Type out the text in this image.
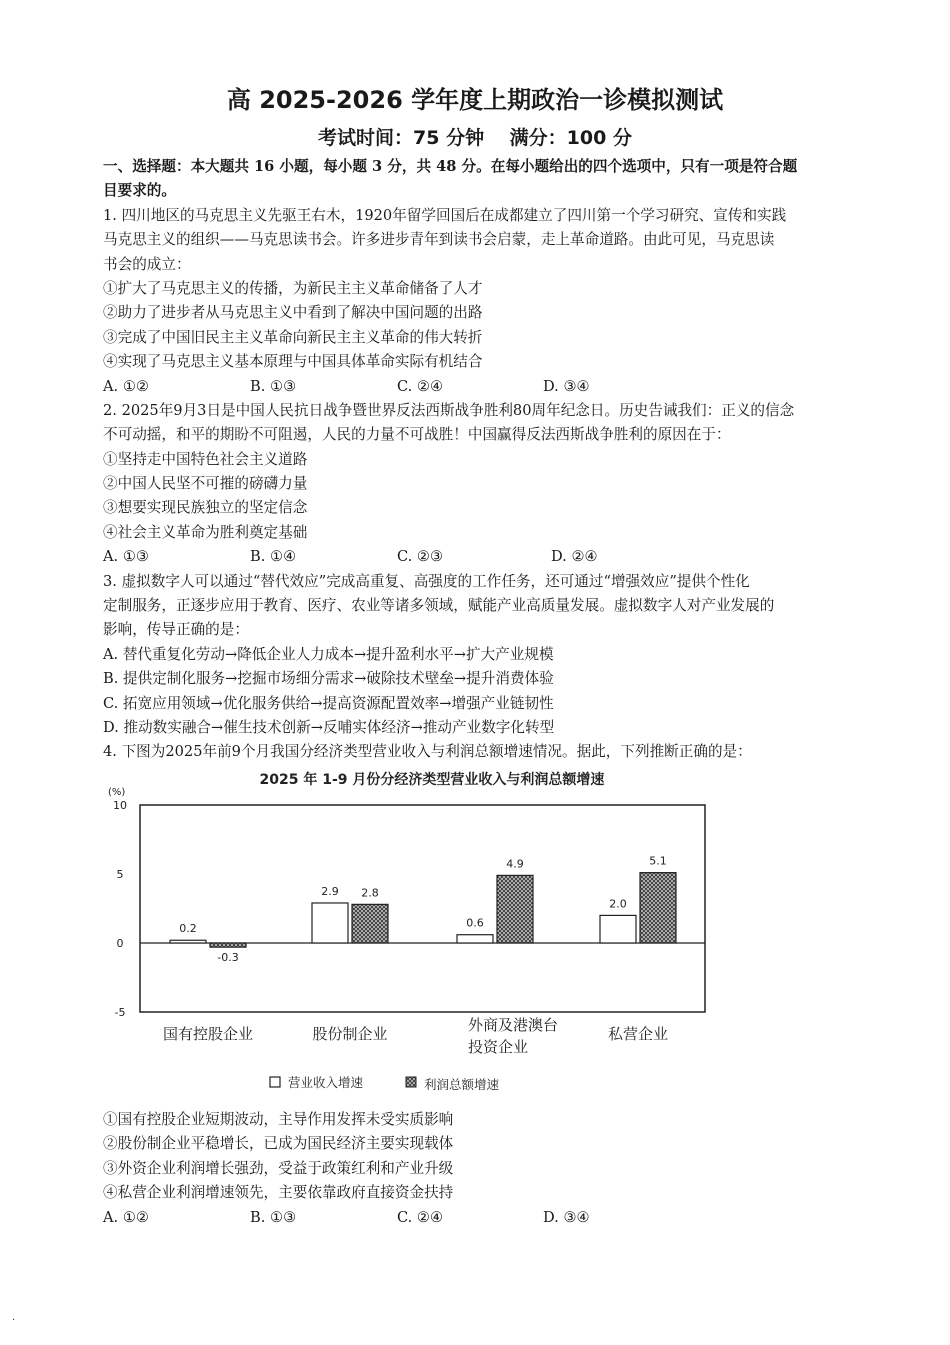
高 2025-2026 学年度上期政治一诊模拟测试
考试时间：75 分钟　 满分：100 分
一、选择题：本大题共 16 小题，每小题 3 分，共 48 分。在每小题给出的四个选项中，只有一项是符合题
目要求的。
1. 四川地区的马克思主义先驱王右木，1920年留学回国后在成都建立了四川第一个学习研究、宣传和实践
马克思主义的组织——马克思读书会。许多进步青年到读书会启蒙，走上革命道路。由此可见，马克思读
书会的成立：
①扩大了马克思主义的传播，为新民主主义革命储备了人才
②助力了进步者从马克思主义中看到了解决中国问题的出路
③完成了中国旧民主主义革命向新民主主义革命的伟大转折
④实现了马克思主义基本原理与中国具体革命实际有机结合
A. ①②	B. ①③	C. ②④	D. ③④
2. 2025年9月3日是中国人民抗日战争暨世界反法西斯战争胜利80周年纪念日。历史告诫我们：正义的信念
不可动摇，和平的期盼不可阻遏，人民的力量不可战胜！中国赢得反法西斯战争胜利的原因在于：
①坚持走中国特色社会主义道路
②中国人民坚不可摧的磅礴力量
③想要实现民族独立的坚定信念
④社会主义革命为胜利奠定基础
A. ①③	B. ①④	C. ②③	D. ②④
3. 虚拟数字人可以通过“替代效应”完成高重复、高强度的工作任务，还可通过“增强效应”提供个性化
定制服务，正逐步应用于教育、医疗、农业等诸多领域，赋能产业高质量发展。虚拟数字人对产业发展的
影响，传导正确的是：
A. 替代重复化劳动→降低企业人力成本→提升盈利水平→扩大产业规模
B. 提供定制化服务→挖掘市场细分需求→破除技术壁垒→提升消费体验
C. 拓宽应用领域→优化服务供给→提高资源配置效率→增强产业链韧性
D. 推动数实融合→催生技术创新→反哺实体经济→推动产业数字化转型
4. 下图为2025年前9个月我国分经济类型营业收入与利润总额增速情况。据此，下列推断正确的是：
2025 年 1-9 月份分经济类型营业收入与利润总额增速
(%)
10
5
0
-5
0.2
2.9
0.6
2.0
-0.3
2.8
4.9	5.1
国有控股企业	股份制企业	外商及港澳台
投资企业
私营企业
营业收入增速	利润总额增速
①国有控股企业短期波动，主导作用发挥未受实质影响
②股份制企业平稳增长，已成为国民经济主要实现载体
③外资企业利润增长强劲，受益于政策红利和产业升级
④私营企业利润增速领先，主要依靠政府直接资金扶持
A. ①②	B. ①③	C. ②④	D. ③④
.
